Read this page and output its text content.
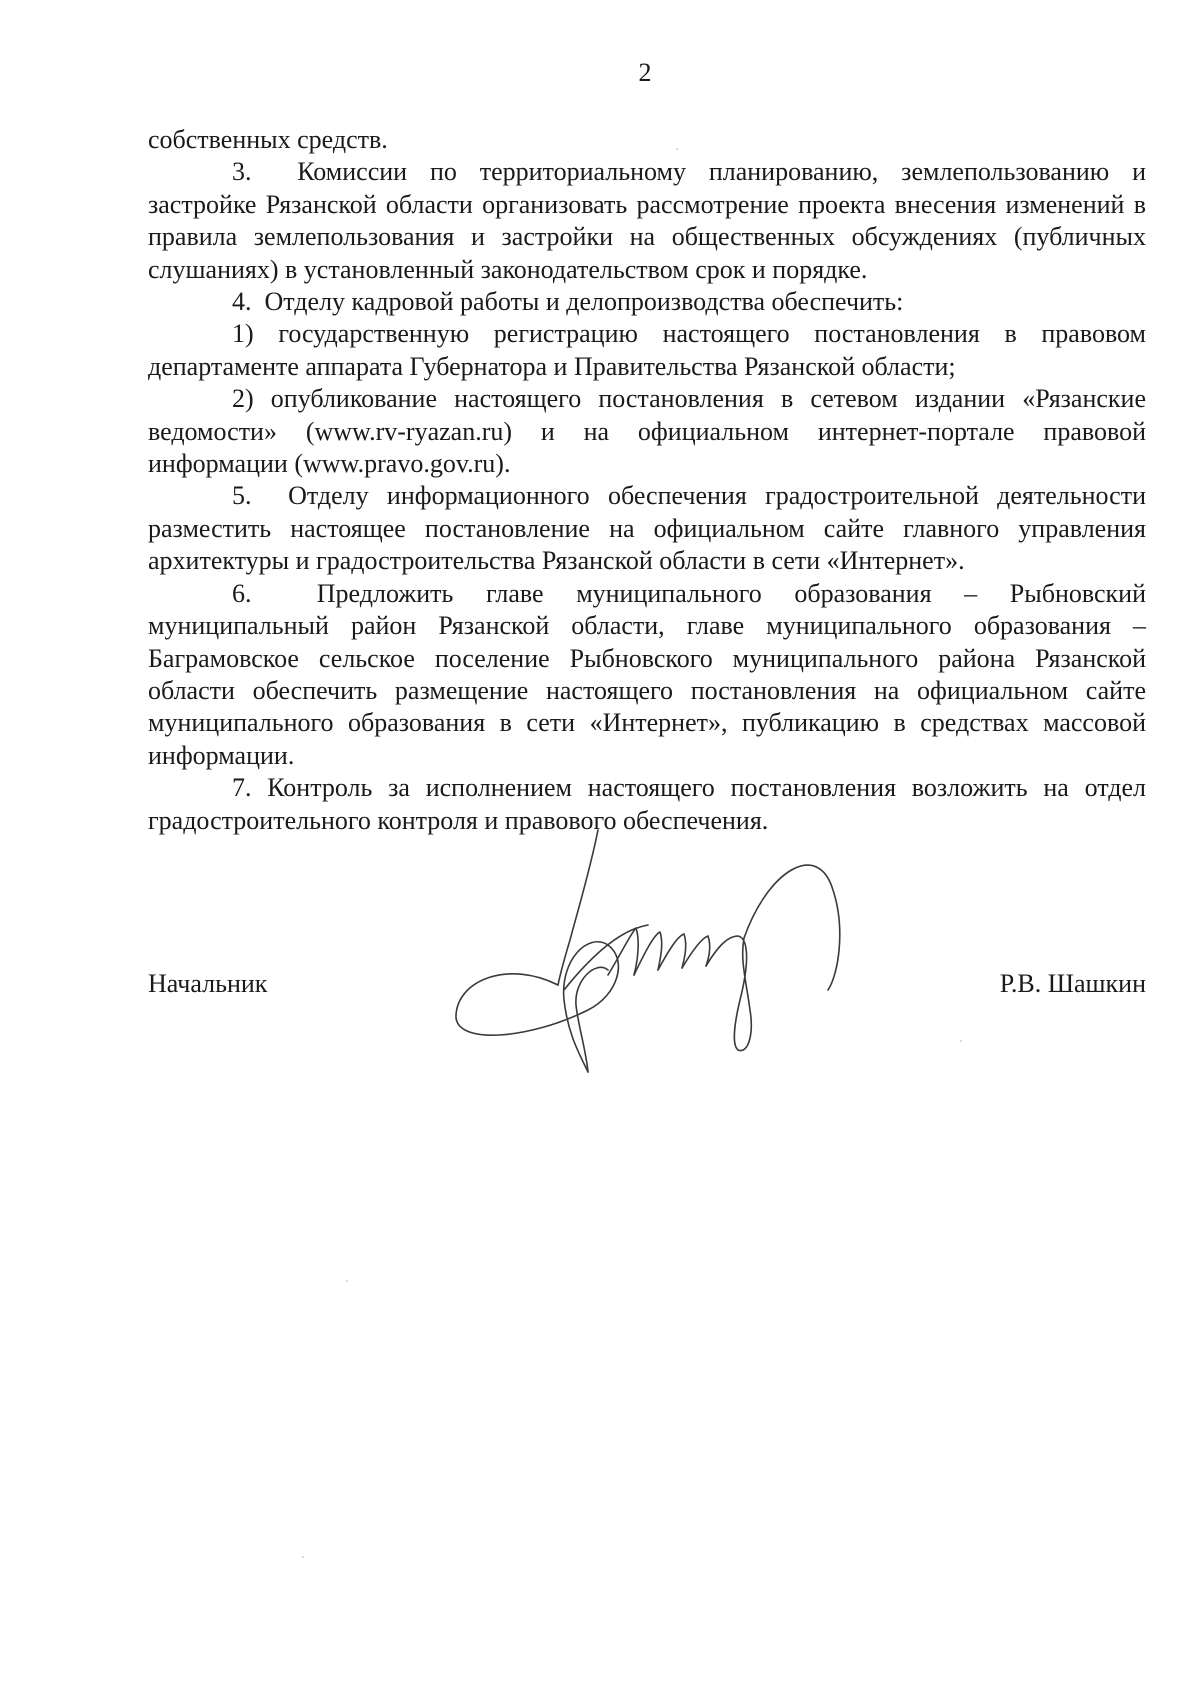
2

собственных средств.

3.  Комиссии по территориальному планированию, землепользованию и застройке Рязанской области организовать рассмотрение проекта внесения изменений в правила землепользования и застройки на общественных обсуждениях (публичных слушаниях) в установленный законодательством срок и порядке.

4.  Отделу кадровой работы и делопроизводства обеспечить:

1) государственную регистрацию настоящего постановления в правовом департаменте аппарата Губернатора и Правительства Рязанской области;

2) опубликование настоящего постановления в сетевом издании «Рязанские ведомости» (www.rv-ryazan.ru) и на официальном интернет-портале правовой информации (www.pravo.gov.ru).

5.  Отделу информационного обеспечения градостроительной деятельности разместить настоящее постановление на официальном сайте главного управления архитектуры и градостроительства Рязанской области в сети «Интернет».

6.  Предложить главе муниципального образования – Рыбновский муниципальный район Рязанской области, главе муниципального образования – Баграмовское сельское поселение Рыбновского муниципального района Рязанской области обеспечить размещение настоящего постановления на официальном сайте муниципального образования в сети «Интернет», публикацию в средствах массовой информации.

7. Контроль за исполнением настоящего постановления возложить на отдел градостроительного контроля и правового обеспечения.

Начальник	Р.В. Шашкин
